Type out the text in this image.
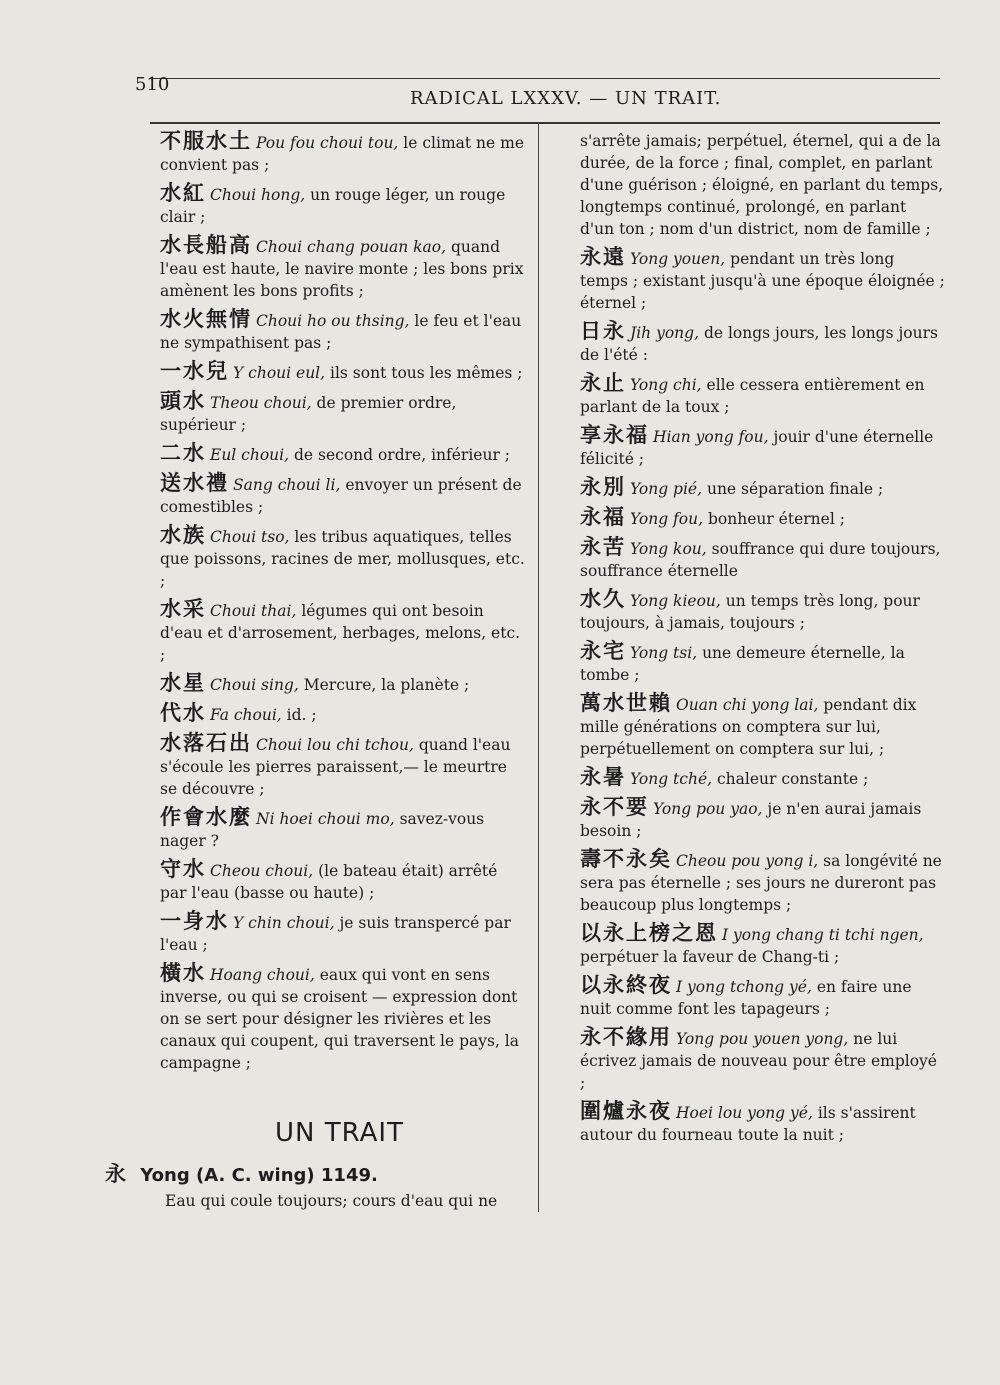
510
RADICAL LXXXV. — UN TRAIT.
不服水土 Pou fou choui tou, le climat ne me convient pas ;
水紅 Choui hong, un rouge léger, un rouge clair ;
水長船高 Choui chang pouan kao, quand l'eau est haute, le navire monte ; les bons prix amènent les bons profits ;
水火無情 Choui ho ou thsing, le feu et l'eau ne sympathisent pas ;
一水兒 Y choui eul, ils sont tous les mêmes ;
頭水 Theou choui, de premier ordre, supérieur ;
二水 Eul choui, de second ordre, inférieur ;
送水禮 Sang choui li, envoyer un présent de comestibles ;
水族 Choui tso, les tribus aquatiques, telles que poissons, racines de mer, mollusques, etc. ;
水采 Choui thai, légumes qui ont besoin d'eau et d'arrosement, herbages, melons, etc. ;
水星 Choui sing, Mercure, la planète ;
代水 Fa choui, id. ;
水落石出 Choui lou chi tchou, quand l'eau s'écoule les pierres paraissent,— le meurtre se découvre ;
作會水麼 Ni hoei choui mo, savez-vous nager ?
守水 Cheou choui, (le bateau était) arrêté par l'eau (basse ou haute) ;
一身水 Y chin choui, je suis transpercé par l'eau ;
橫水 Hoang choui, eaux qui vont en sens inverse, ou qui se croisent — expression dont on se sert pour désigner les rivières et les canaux qui coupent, qui traversent le pays, la campagne ;
UN TRAIT
永 Yong (A. C. wing) 1149.
Eau qui coule toujours; cours d'eau qui ne
s'arrête jamais; perpétuel, éternel, qui a de la durée, de la force ; final, complet, en parlant d'une guérison ; éloigné, en parlant du temps, longtemps continué, prolongé, en parlant d'un ton ; nom d'un district, nom de famille ;
永遠 Yong youen, pendant un très long temps ; existant jusqu'à une époque éloignée ; éternel ;
日永 Jih yong, de longs jours, les longs jours de l'été :
永止 Yong chi, elle cessera entièrement en parlant de la toux ;
享永福 Hian yong fou, jouir d'une éternelle félicité ;
永別 Yong pié, une séparation finale ;
永福 Yong fou, bonheur éternel ;
永苦 Yong kou, souffrance qui dure toujours, souffrance éternelle
水久 Yong kieou, un temps très long, pour toujours, à jamais, toujours ;
永宅 Yong tsi, une demeure éternelle, la tombe ;
萬水世賴 Ouan chi yong lai, pendant dix mille générations on comptera sur lui, perpétuellement on comptera sur lui, ;
永暑 Yong tché, chaleur constante ;
永不要 Yong pou yao, je n'en aurai jamais besoin ;
壽不永矣 Cheou pou yong i, sa longévité ne sera pas éternelle ; ses jours ne dureront pas beaucoup plus longtemps ;
以永上榜之恩 I yong chang ti tchi ngen, perpétuer la faveur de Chang-ti ;
以永終夜 I yong tchong yé, en faire une nuit comme font les tapageurs ;
永不緣用 Yong pou youen yong, ne lui écrivez jamais de nouveau pour être employé ;
圍爐永夜 Hoei lou yong yé, ils s'assirent autour du fourneau toute la nuit ;
